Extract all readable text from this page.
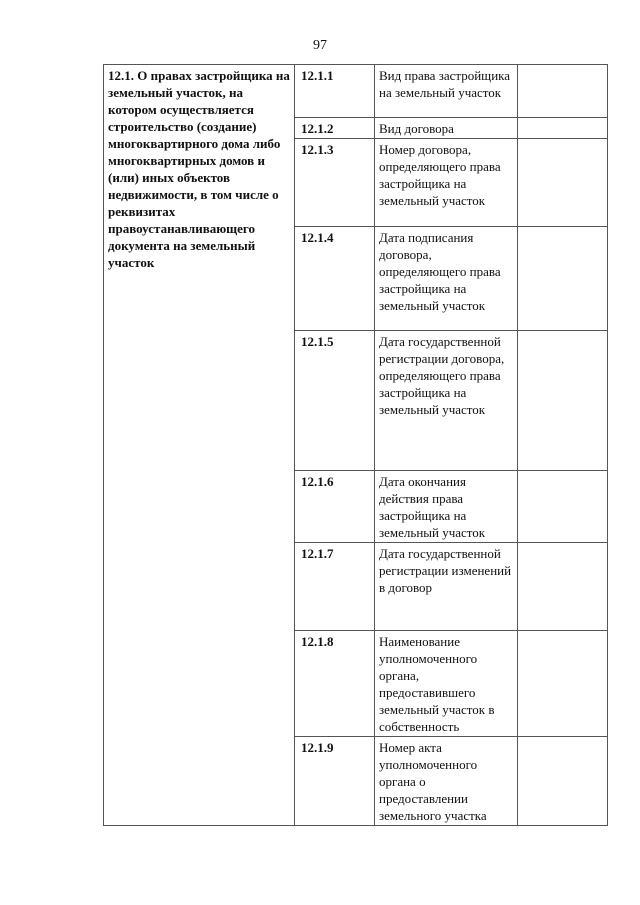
97
12.1. О правах застройщика на земельный участок, на котором осуществляется строительство (создание) многоквартирного дома либо многоквартирных домов и (или) иных объектов недвижимости, в том числе о реквизитах правоустанавливающего документа на земельный участок	12.1.1	Вид права застройщика на земельный участок	
	12.1.2	Вид договора	
	12.1.3	Номер договора, определяющего права застройщика на земельный участок	
	12.1.4	Дата подписания договора, определяющего права застройщика на земельный участок	
	12.1.5	Дата государственной регистрации договора, определяющего права застройщика на земельный участок	
	12.1.6	Дата окончания действия права застройщика на земельный участок	
	12.1.7	Дата государственной регистрации изменений в договор	
	12.1.8	Наименование уполномоченного органа, предоставившего земельный участок в собственность	
	12.1.9	Номер акта уполномоченного органа о предоставлении земельного участка	
